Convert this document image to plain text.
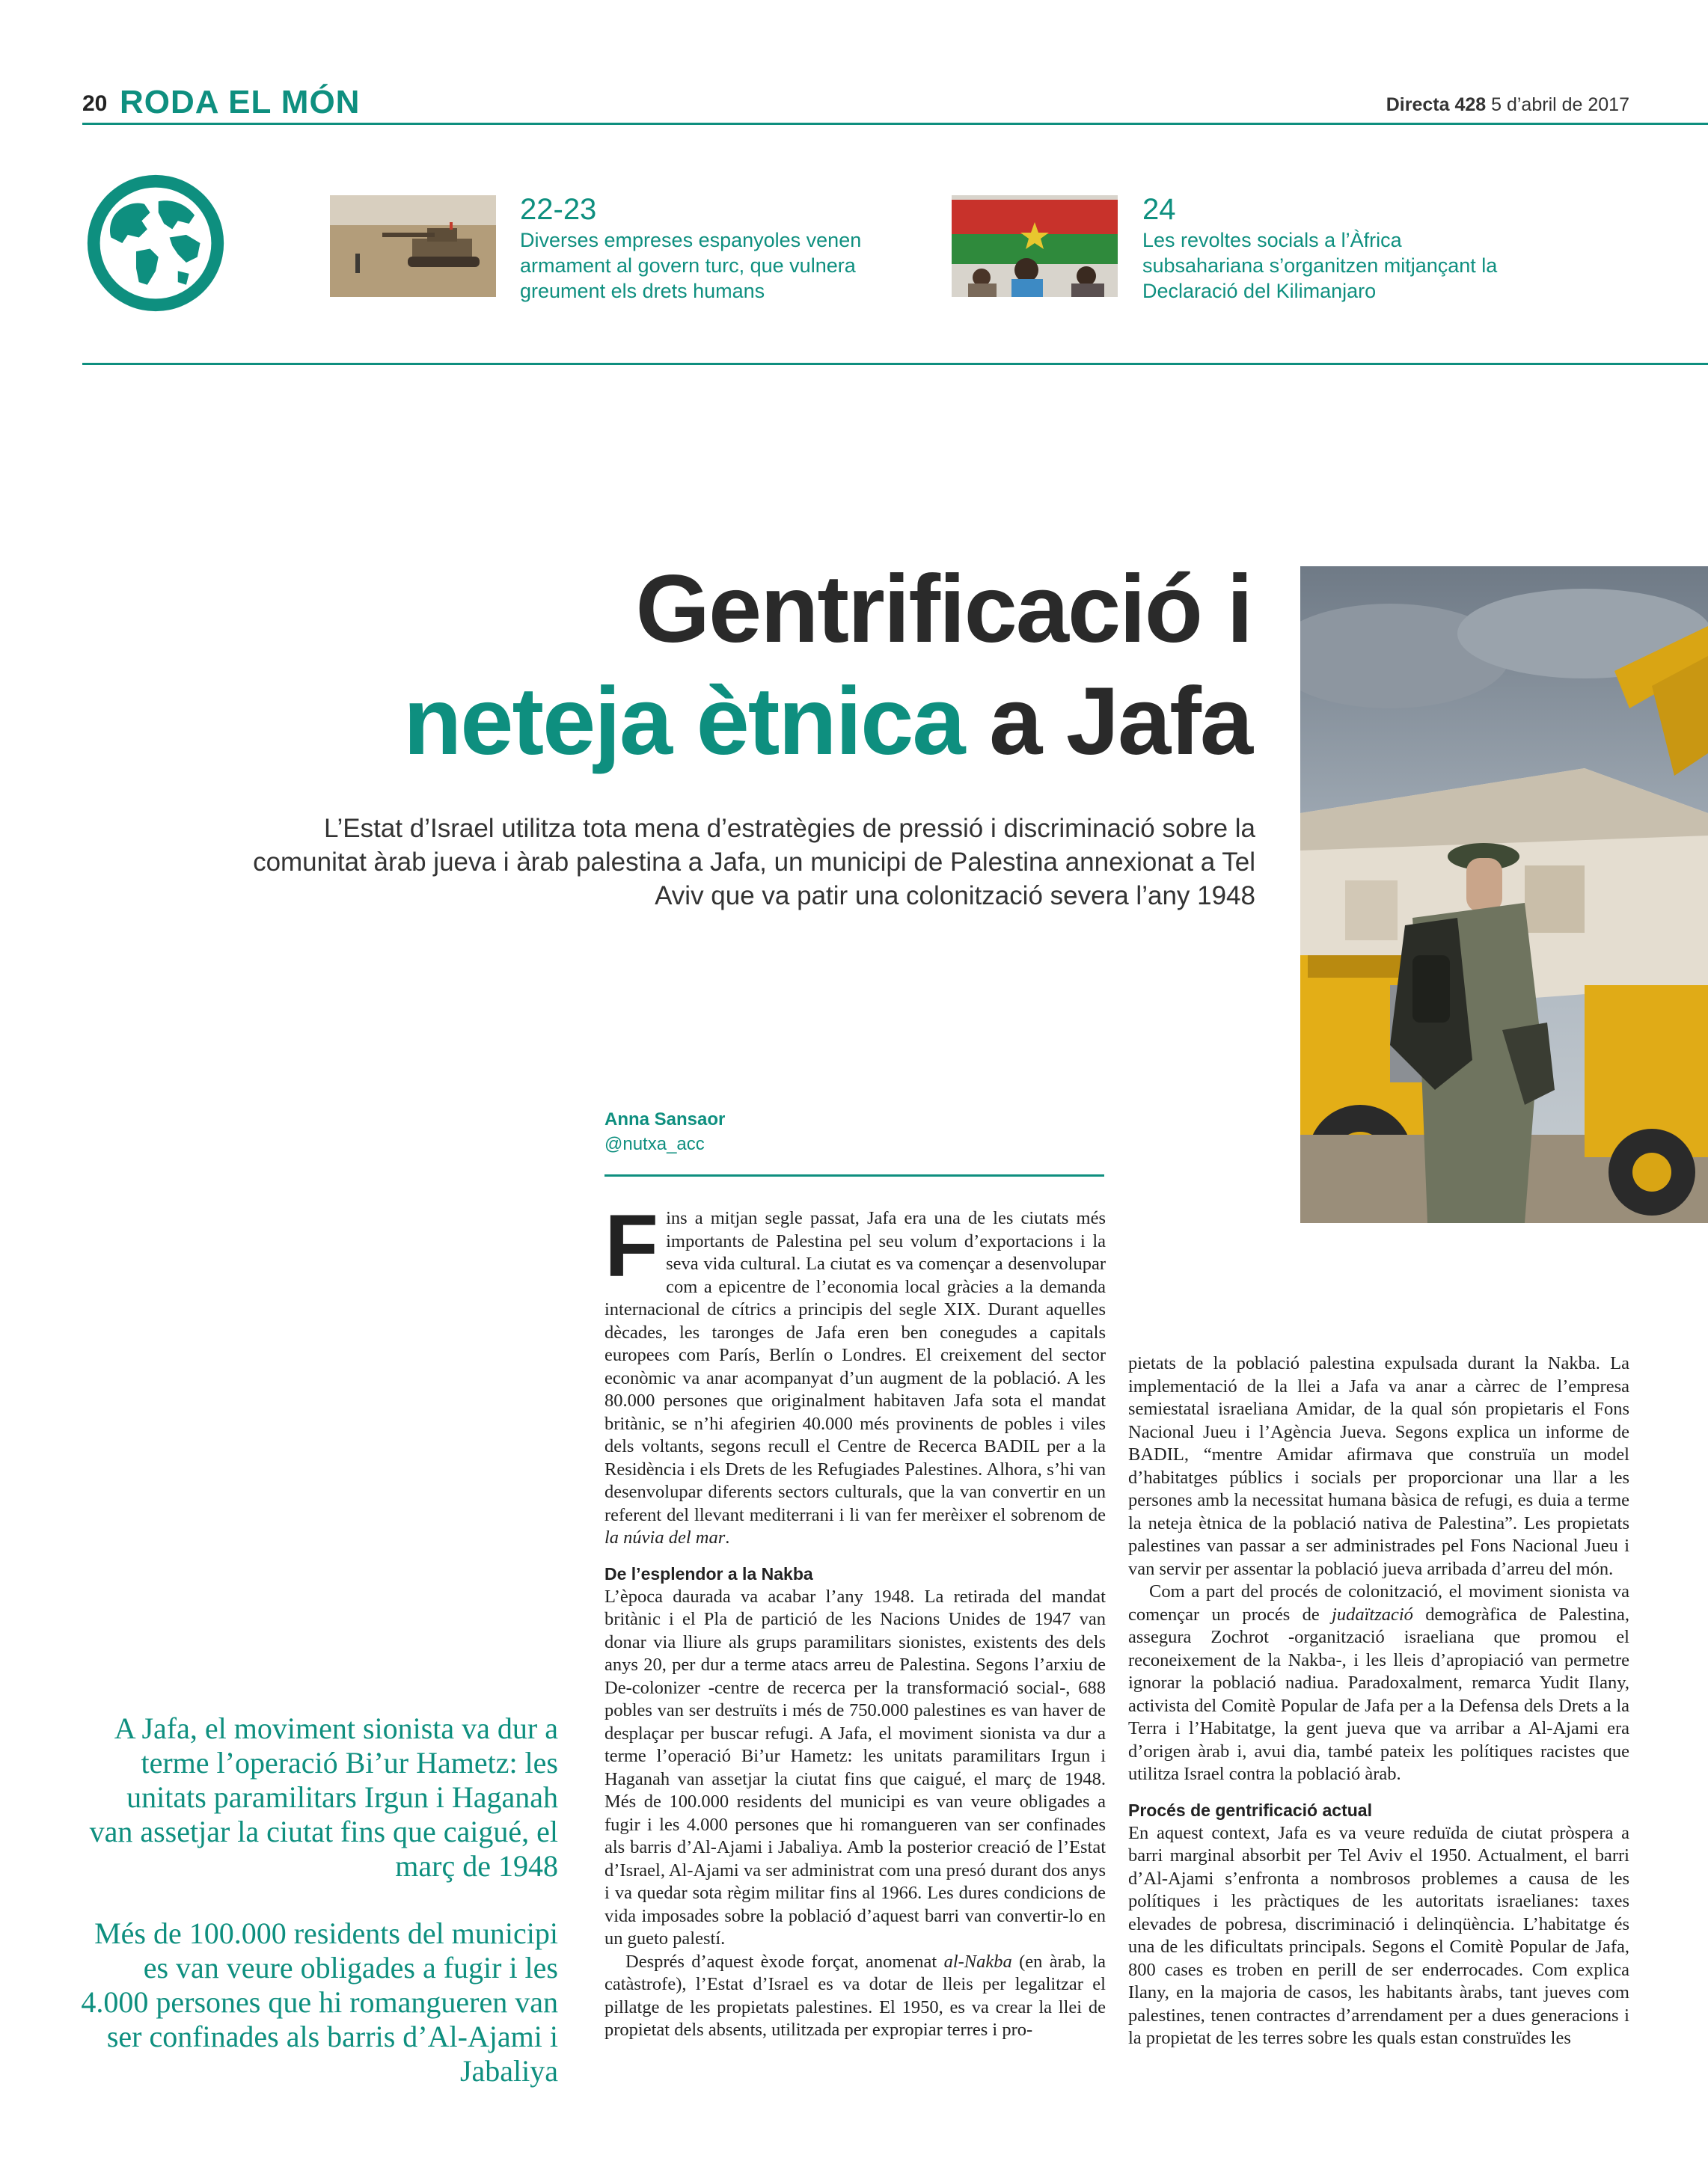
20 RODA EL MÓN	Directa 428 5 d’abril de 2017
22-23
Diverses empreses espanyoles venen armament al govern turc, que vulnera greument els drets humans
24
Les revoltes socials a l’Àfrica subsahariana s’organitzen mitjançant la Declaració del Kilimanjaro
Gentrificació i
neteja ètnica a Jafa
L’Estat d’Israel utilitza tota mena d’estratègies de pressió i discriminació sobre la comunitat àrab jueva i àrab palestina a Jafa, un municipi de Palestina annexionat a Tel Aviv que va patir una colonització severa l’any 1948
Anna Sansaor
@nutxa_acc

Fins a mitjan segle passat, Jafa era una de les ciutats més importants de Palestina pel seu volum d’exportacions i la seva vida cultural. La ciutat es va començar a desenvolupar com a epicentre de l’economia local gràcies a la demanda internacional de cítrics a principis del segle XIX. Durant aquelles dècades, les taronges de Jafa eren ben conegudes a capitals europees com París, Berlín o Londres. El creixement del sector econòmic va anar acompanyat d’un augment de la població. A les 80.000 persones que originalment habitaven Jafa sota el mandat britànic, se n’hi afegirien 40.000 més provinents de pobles i viles dels voltants, segons recull el Centre de Recerca BADIL per a la Residència i els Drets de les Refugiades Palestines. Alhora, s’hi van desenvolupar diferents sectors culturals, que la van convertir en un referent del llevant mediterrani i li van fer merèixer el sobrenom de la núvia del mar.

De l’esplendor a la Nakba

L’època daurada va acabar l’any 1948. La retirada del mandat britànic i el Pla de partició de les Nacions Unides de 1947 van donar via lliure als grups paramilitars sionistes, existents des dels anys 20, per dur a terme atacs arreu de Palestina. Segons l’arxiu de De-colonizer -centre de recerca per la transformació social-, 688 pobles van ser destruïts i més de 750.000 palestines es van haver de desplaçar per buscar refugi. A Jafa, el moviment sionista va dur a terme l’operació Bi’ur Hametz: les unitats paramilitars Irgun i Haganah van assetjar la ciutat fins que caigué, el març de 1948. Més de 100.000 residents del municipi es van veure obligades a fugir i les 4.000 persones que hi romangueren van ser confinades als barris d’Al-Ajami i Jabaliya. Amb la posterior creació de l’Estat d’Israel, Al-Ajami va ser administrat com una presó durant dos anys i va quedar sota règim militar fins al 1966. Les dures condicions de vida imposades sobre la població d’aquest barri van convertir-lo en un gueto palestí.

Després d’aquest èxode forçat, anomenat al-Nakba (en àrab, la catàstrofe), l’Estat d’Israel es va dotar de lleis per legalitzar el pillatge de les propietats palestines. El 1950, es va crear la llei de propietat dels absents, utilitzada per expropiar terres i pro-

pietats de la població palestina expulsada durant la Nakba. La implementació de la llei a Jafa va anar a càrrec de l’empresa semiestatal israeliana Amidar, de la qual són propietaris el Fons Nacional Jueu i l’Agència Jueva. Segons explica un informe de BADIL, “mentre Amidar afirmava que construïa un model d’habitatges públics i socials per proporcionar una llar a les persones amb la necessitat humana bàsica de refugi, es duia a terme la neteja ètnica de la població nativa de Palestina”. Les propietats palestines van passar a ser administrades pel Fons Nacional Jueu i van servir per assentar la població jueva arribada d’arreu del món.

Com a part del procés de colonització, el moviment sionista va començar un procés de judaïtzació demogràfica de Palestina, assegura Zochrot -organització israeliana que promou el reconeixement de la Nakba-, i les lleis d’apropiació van permetre ignorar la població nadiua. Paradoxalment, remarca Yudit Ilany, activista del Comitè Popular de Jafa per a la Defensa dels Drets a la Terra i l’Habitatge, la gent jueva que va arribar a Al-Ajami era d’origen àrab i, avui dia, també pateix les polítiques racistes que utilitza Israel contra la població àrab.

Procés de gentrificació actual

En aquest context, Jafa es va veure reduïda de ciutat pròspera a barri marginal absorbit per Tel Aviv el 1950. Actualment, el barri d’Al-Ajami s’enfronta a nombrosos problemes a causa de les polítiques i les pràctiques de les autoritats israelianes: taxes elevades de pobresa, discriminació i delinqüència. L’habitatge és una de les dificultats principals. Segons el Comitè Popular de Jafa, 800 cases es troben en perill de ser enderrocades. Com explica Ilany, en la majoria de casos, les habitants àrabs, tant jueves com palestines, tenen contractes d’arrendament per a dues generacions i la propietat de les terres sobre les quals estan construïdes les

A Jafa, el moviment sionista va dur a terme l’operació Bi’ur Hametz: les unitats paramilitars Irgun i Haganah van assetjar la ciutat fins que caigué, el març de 1948
Més de 100.000 residents del municipi es van veure obligades a fugir i les 4.000 persones que hi romangueren van ser confinades als barris d’Al-Ajami i Jabaliya
